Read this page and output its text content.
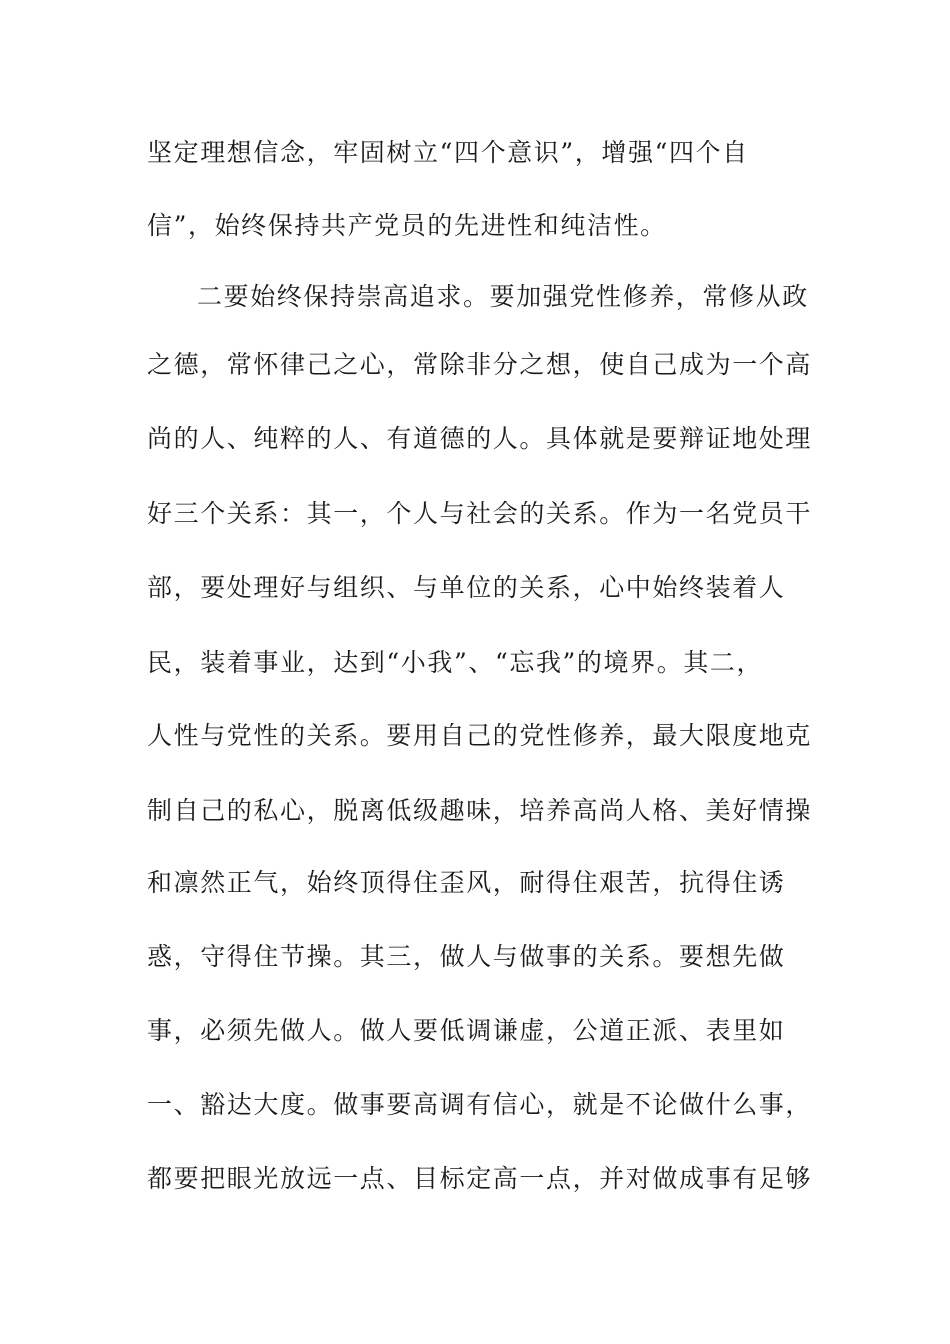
坚定理想信念，牢固树立“四个意识”，增强“四个自
信”，始终保持共产党员的先进性和纯洁性。
二要始终保持崇高追求。要加强党性修养，常修从政
之德，常怀律己之心，常除非分之想，使自己成为一个高
尚的人、纯粹的人、有道德的人。具体就是要辩证地处理
好三个关系：其一，个人与社会的关系。作为一名党员干
部，要处理好与组织、与单位的关系，心中始终装着人
民，装着事业，达到“小我”、“忘我”的境界。其二，
人性与党性的关系。要用自己的党性修养，最大限度地克
制自己的私心，脱离低级趣味，培养高尚人格、美好情操
和凛然正气，始终顶得住歪风，耐得住艰苦，抗得住诱
惑，守得住节操。其三，做人与做事的关系。要想先做
事，必须先做人。做人要低调谦虚，公道正派、表里如
一、豁达大度。做事要高调有信心，就是不论做什么事，
都要把眼光放远一点、目标定高一点，并对做成事有足够
